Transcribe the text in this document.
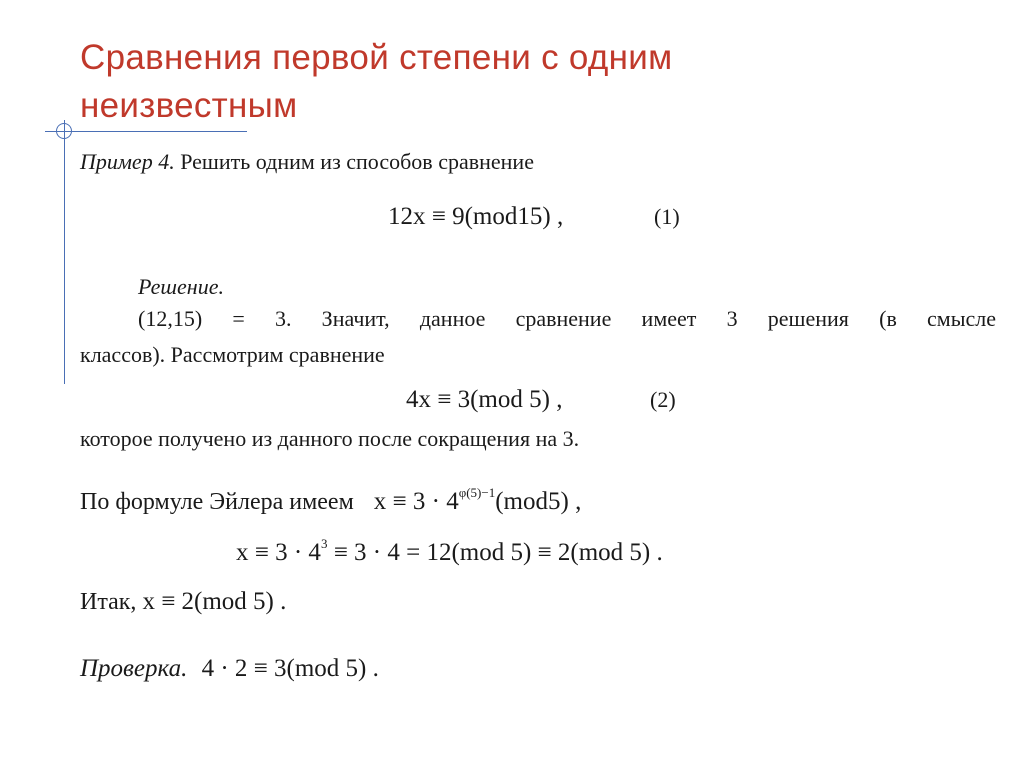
Сравнения первой степени с одним неизвестным
Пример 4. Решить одним из способов сравнение
12x ≡ 9(mod15) ,	(1)
Решение.
(12,15) = 3. Значит, данное сравнение имеет 3 решения (в смысле
классов). Рассмотрим сравнение
4x ≡ 3(mod 5) ,	(2)
которое получено из данного после сокращения на 3.
По формуле Эйлера имеем $x \equiv 3 \cdot 4^{\varphi(5)-1}(mod5)$ ,
$x \equiv 3 \cdot 4^3 \equiv 3 \cdot 4 = 12(mod$ 5) ≡ 2(mod 5) .
Итак, x ≡ 2(mod 5) .
Проверка. 4 · 2 ≡ 3(mod 5) .
